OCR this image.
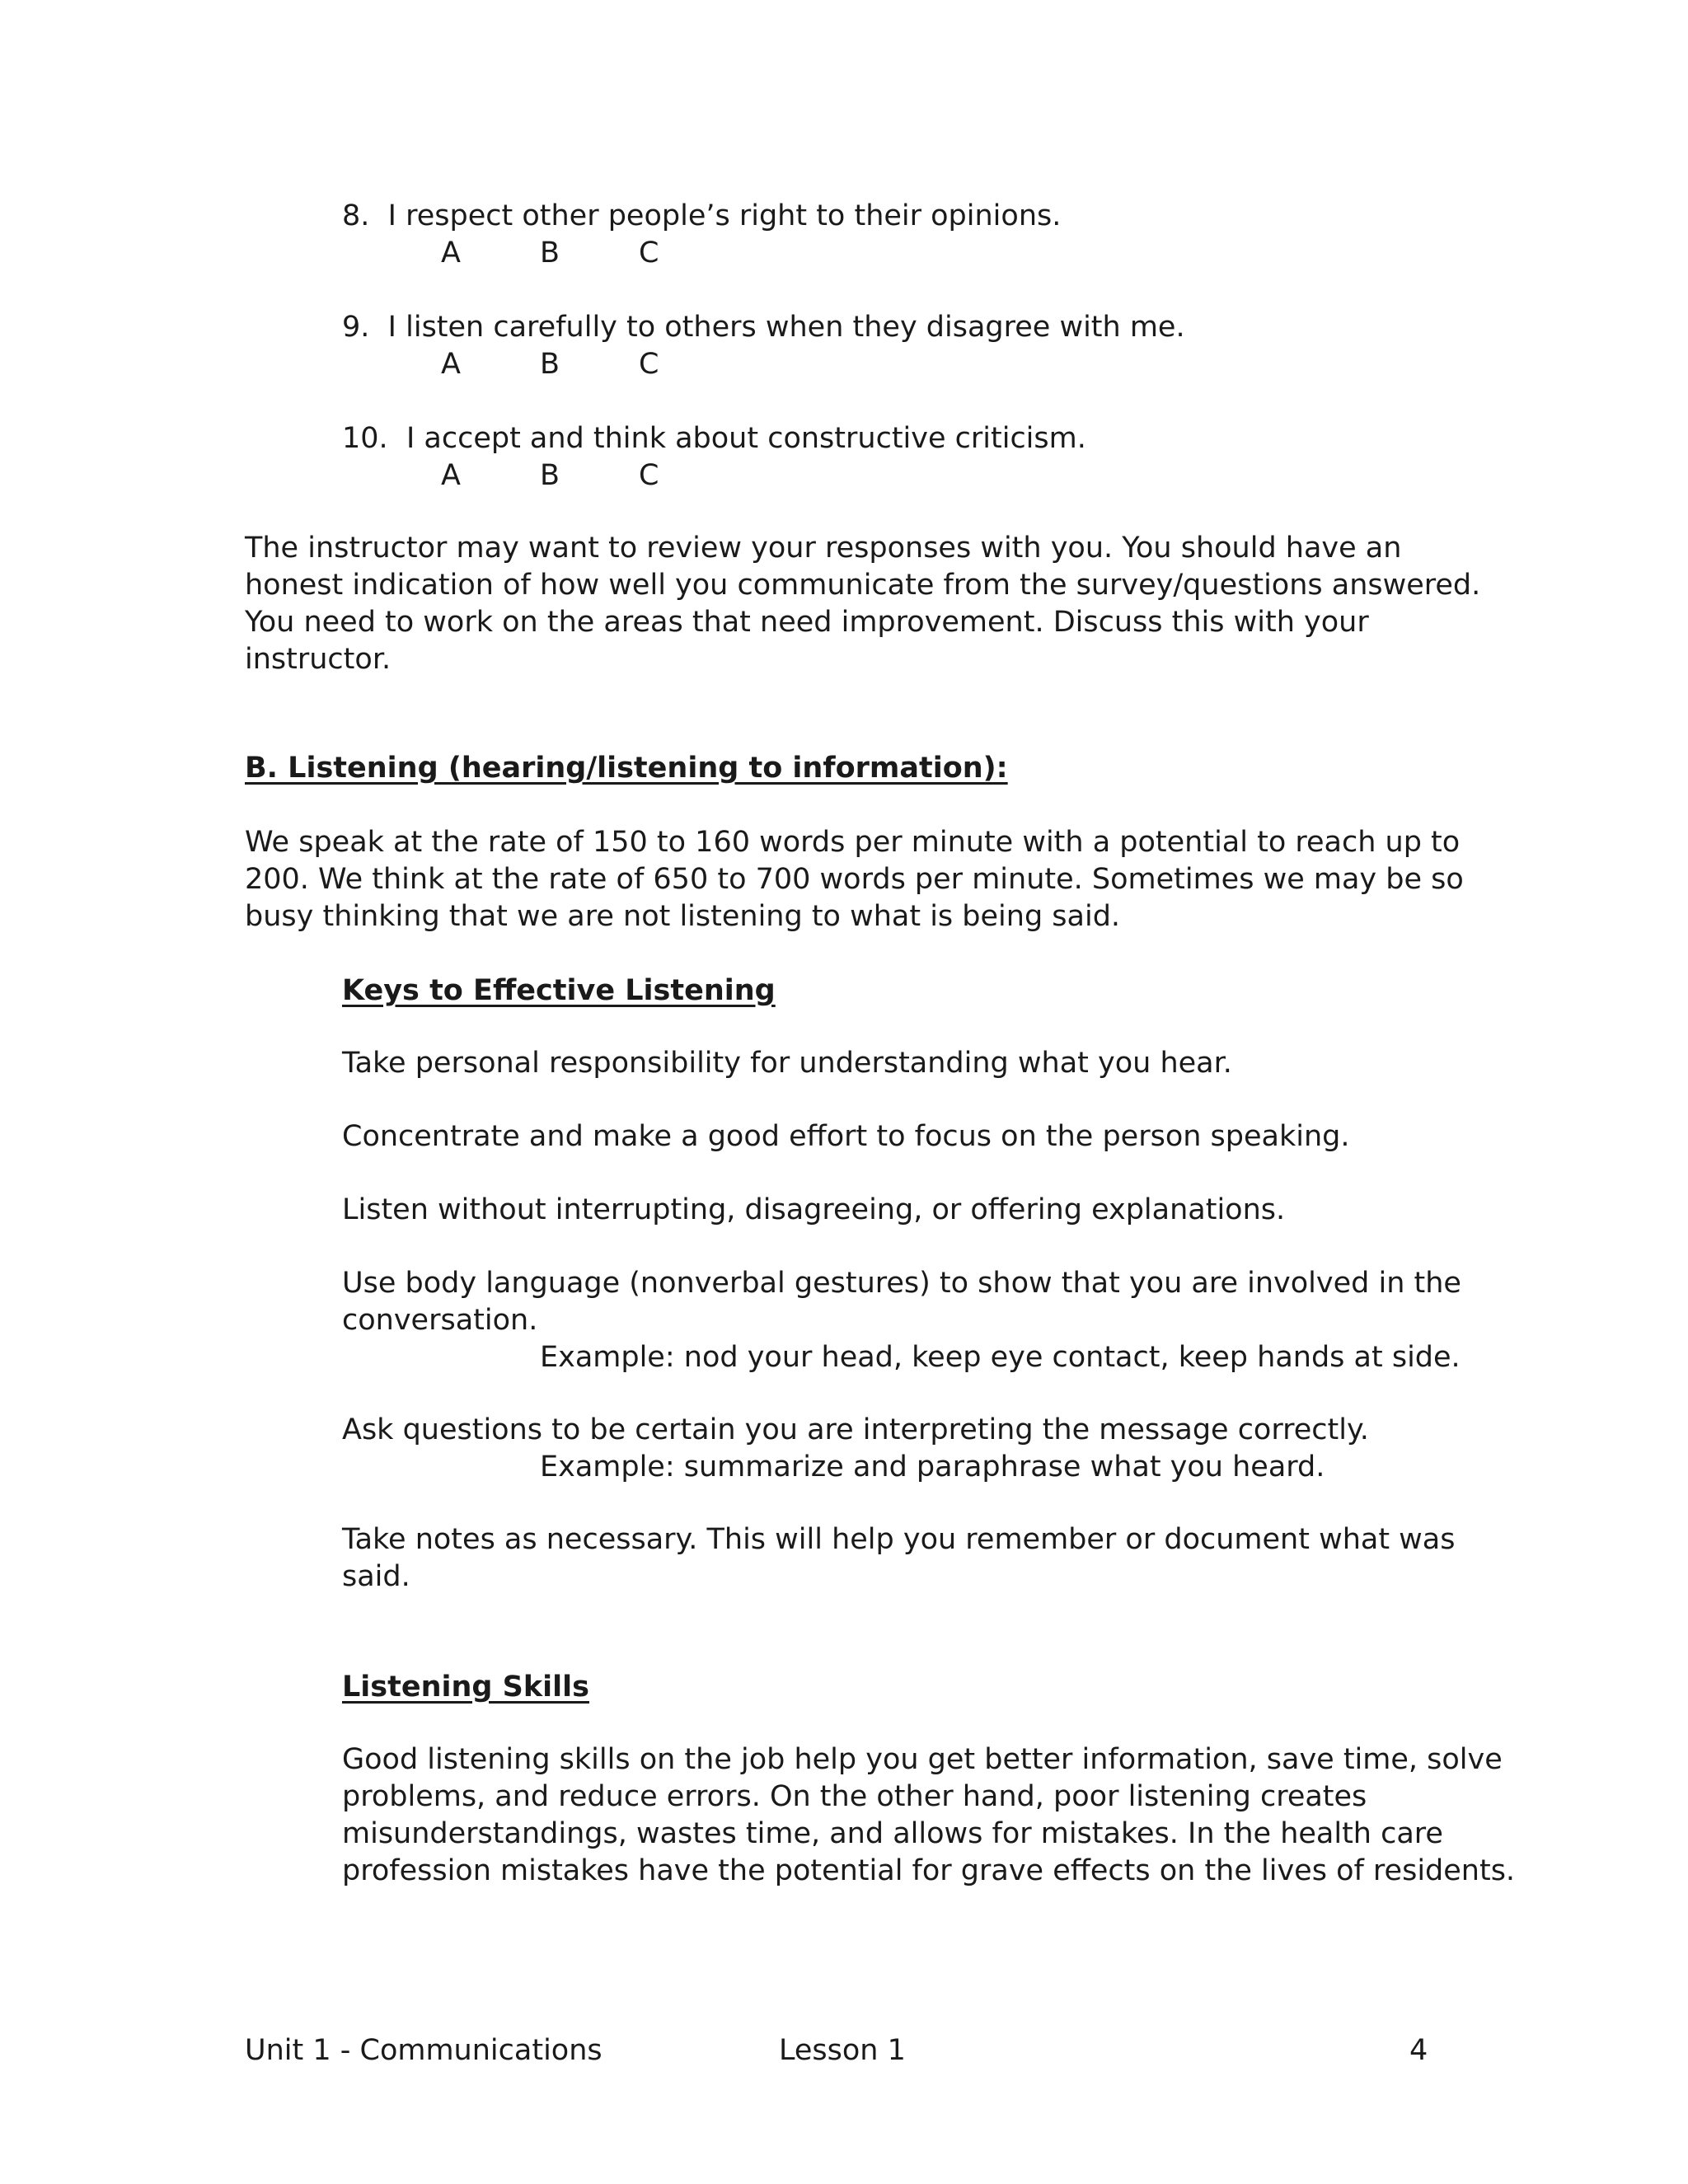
8. I respect other people’s right to their opinions.
A	B	C
9. I listen carefully to others when they disagree with me.
A	B	C
10. I accept and think about constructive criticism.
A	B	C
The instructor may want to review your responses with you. You should have an
honest indication of how well you communicate from the survey/questions answered.
You need to work on the areas that need improvement. Discuss this with your
instructor.
B. Listening (hearing/listening to information):
We speak at the rate of 150 to 160 words per minute with a potential to reach up to
200. We think at the rate of 650 to 700 words per minute. Sometimes we may be so
busy thinking that we are not listening to what is being said.
Keys to Effective Listening
Take personal responsibility for understanding what you hear.
Concentrate and make a good effort to focus on the person speaking.
Listen without interrupting, disagreeing, or offering explanations.
Use body language (nonverbal gestures) to show that you are involved in the
conversation.
Example: nod your head, keep eye contact, keep hands at side.
Ask questions to be certain you are interpreting the message correctly.
Example: summarize and paraphrase what you heard.
Take notes as necessary. This will help you remember or document what was
said.
Listening Skills
Good listening skills on the job help you get better information, save time, solve
problems, and reduce errors. On the other hand, poor listening creates
misunderstandings, wastes time, and allows for mistakes. In the health care
profession mistakes have the potential for grave effects on the lives of residents.
Unit 1 - Communications	Lesson 1	4
